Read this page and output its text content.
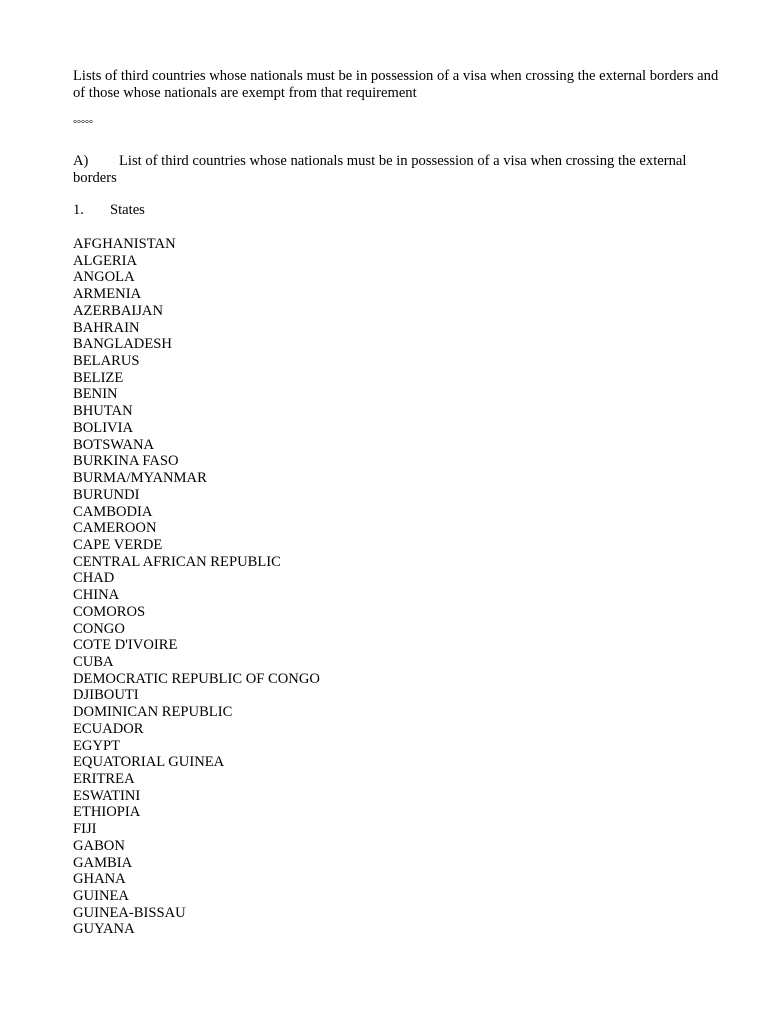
Lists of third countries whose nationals must be in possession of a visa when crossing the external borders and of those whose nationals are exempt from that requirement

°°°°°

A) List of third countries whose nationals must be in possession of a visa when crossing the external borders

1. States

AFGHANISTAN
ALGERIA
ANGOLA
ARMENIA
AZERBAIJAN
BAHRAIN
BANGLADESH
BELARUS
BELIZE
BENIN
BHUTAN
BOLIVIA
BOTSWANA
BURKINA FASO
BURMA/MYANMAR
BURUNDI
CAMBODIA
CAMEROON
CAPE VERDE
CENTRAL AFRICAN REPUBLIC
CHAD
CHINA
COMOROS
CONGO
COTE D'IVOIRE
CUBA
DEMOCRATIC REPUBLIC OF CONGO
DJIBOUTI
DOMINICAN REPUBLIC
ECUADOR
EGYPT
EQUATORIAL GUINEA
ERITREA
ESWATINI
ETHIOPIA
FIJI
GABON
GAMBIA
GHANA
GUINEA
GUINEA-BISSAU
GUYANA
